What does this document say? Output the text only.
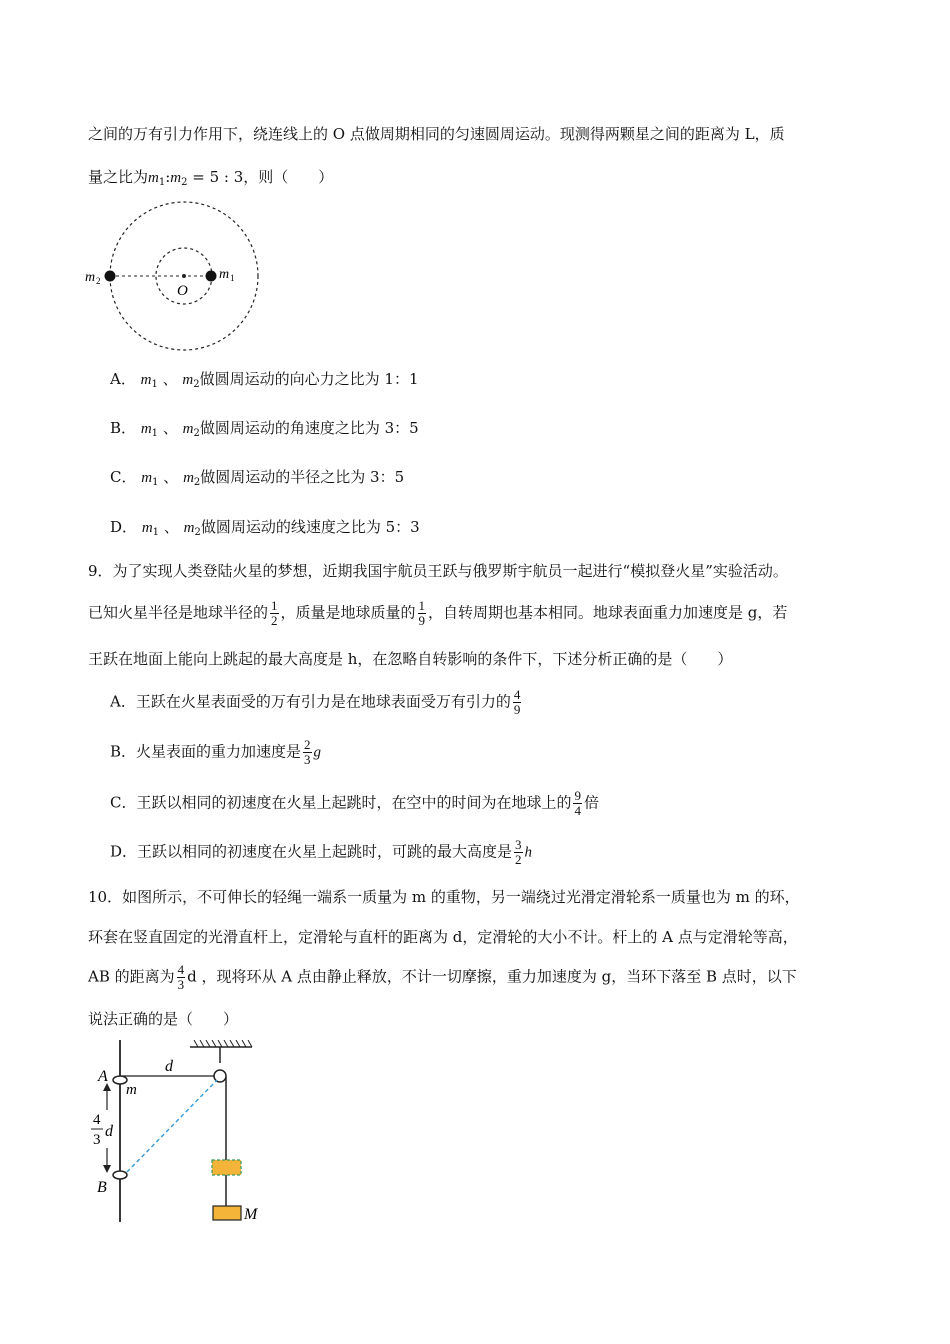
之间的万有引力作用下，绕连线上的 O 点做周期相同的匀速圆周运动。现测得两颗星之间的距离为 L，质
量之比为$m_1:m_2 = 5$ : 3，则（　　）
m 2	m 1
O
A． $m_1$ 、 $m_2$做圆周运动的向心力之比为 1：1
B． $m_1$ 、 $m_2$做圆周运动的角速度之比为 3：5
C． $m_1$ 、 $m_2$做圆周运动的半径之比为 3：5
D． $m_1$ 、 $m_2$做圆周运动的线速度之比为 5：3
9．为了实现人类登陆火星的梦想，近期我国宇航员王跃与俄罗斯宇航员一起进行“模拟登火星”实验活动。
已知火星半径是地球半径的 $\frac{1}{2}$ ，质量是地球质量的 $\frac{1}{9}$ ，自转周期也基本相同。地球表面重力加速度是 g，若
王跃在地面上能向上跳起的最大高度是 h，在忽略自转影响的条件下，下述分析正确的是（　　）
A．王跃在火星表面受的万有引力是在地球表面受万有引力的 $\frac{4}{9}$
B．火星表面的重力加速度是 $\frac{2}{3}$ g
C．王跃以相同的初速度在火星上起跳时，在空中的时间为在地球上的 $\frac{9}{4}$ 倍
D．王跃以相同的初速度在火星上起跳时，可跳的最大高度是 $\frac{3}{2}$ h
10．如图所示，不可伸长的轻绳一端系一质量为 m 的重物，另一端绕过光滑定滑轮系一质量也为 m 的环，
环套在竖直固定的光滑直杆上，定滑轮与直杆的距离为 d，定滑轮的大小不计。杆上的 A 点与定滑轮等高，
AB 的距离为 $\frac{4}{3}$ d ，现将环从 A 点由静止释放，不计一切摩擦，重力加速度为 g，当环下落至 B 点时，以下
说法正确的是（　　）
A
m
d
4
3 d
B
M
